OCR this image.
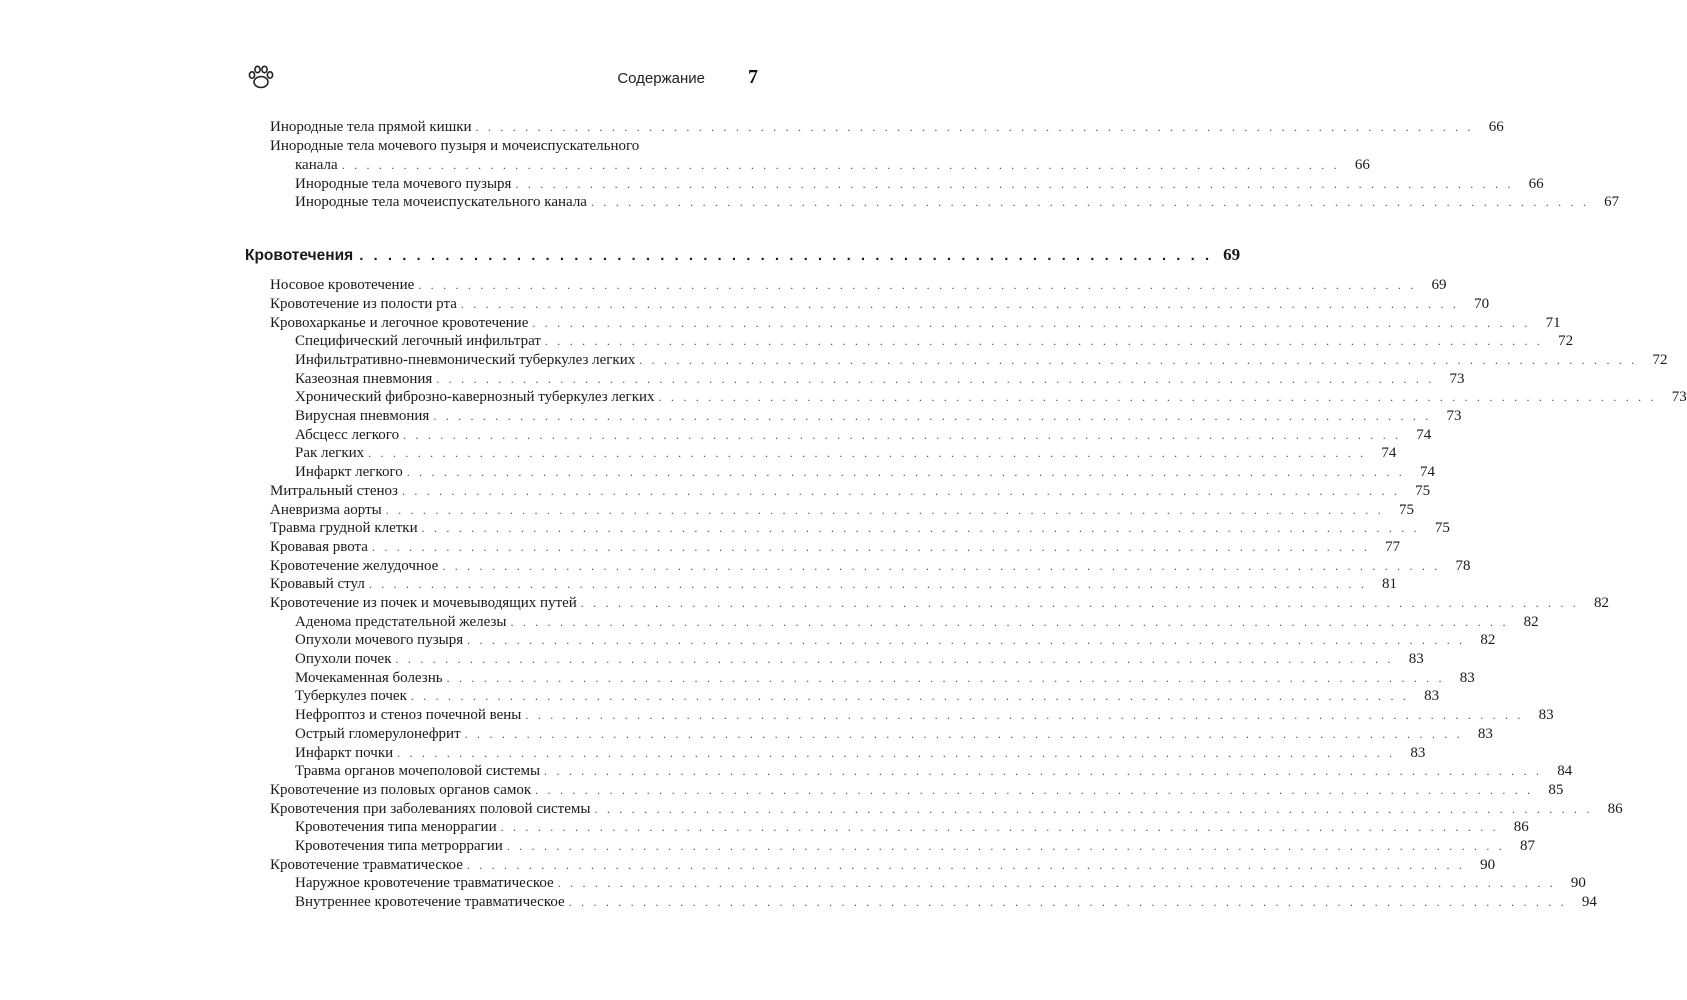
Содержание	7
Инородные тела прямой кишки . . . . . . . . . . . . . . . . . . . . . . . . . . . . . . . . . . . . . . . . . . . . . . . . . . . . . . . . . . . . . . . . . . . . . . . . . . . . . . . . .	66
Инородные тела мочевого пузыря и мочеиспускательного
канала . . . . . . . . . . . . . . . . . . . . . . . . . . . . . . . . . . . . . . . . . . . . . . . . . . . . . . . . . . . . . . . . . . . . . . . . . . . . . . . . .	66
Инородные тела мочевого пузыря . . . . . . . . . . . . . . . . . . . . . . . . . . . . . . . . . . . . . . . . . . . . . . . . . . . . . . . . . . . . . . . . . . . . . . . . . . . . . . . . .	66
Инородные тела мочеиспускательного канала . . . . . . . . . . . . . . . . . . . . . . . . . . . . . . . . . . . . . . . . . . . . . . . . . . . . . . . . . . . . . . . . . . . . . . . . . . . . . . . . .	67
Кровотечения . . . . . . . . . . . . . . . . . . . . . . . . . . . . . . . . . . . . . . . . . . . . . . . . . . . . . . . . . . . . 69
Носовое кровотечение . . . . . . . . . . . . . . . . . . . . . . . . . . . . . . . . . . . . . . . . . . . . . . . . . . . . . . . . . . . . . . . . . . . . . . . . . . . . . . . . .	69
Кровотечение из полости рта . . . . . . . . . . . . . . . . . . . . . . . . . . . . . . . . . . . . . . . . . . . . . . . . . . . . . . . . . . . . . . . . . . . . . . . . . . . . . . . . .	70
Кровохарканье и легочное кровотечение . . . . . . . . . . . . . . . . . . . . . . . . . . . . . . . . . . . . . . . . . . . . . . . . . . . . . . . . . . . . . . . . . . . . . . . . . . . . . . . . .	71
Специфический легочный инфильтрат . . . . . . . . . . . . . . . . . . . . . . . . . . . . . . . . . . . . . . . . . . . . . . . . . . . . . . . . . . . . . . . . . . . . . . . . . . . . . . . . .	72
Инфильтративно-пневмонический туберкулез легких . . . . . . . . . . . . . . . . . . . . . . . . . . . . . . . . . . . . . . . . . . . . . . . . . . . . . . . . . . . . . . . . . . . . . . . . . . . . . . . . .	72
Казеозная пневмония . . . . . . . . . . . . . . . . . . . . . . . . . . . . . . . . . . . . . . . . . . . . . . . . . . . . . . . . . . . . . . . . . . . . . . . . . . . . . . . . .	73
Хронический фиброзно-кавернозный туберкулез легких . . . . . . . . . . . . . . . . . . . . . . . . . . . . . . . . . . . . . . . . . . . . . . . . . . . . . . . . . . . . . . . . . . . . . . . . . . . . . . . . .	73
Вирусная пневмония . . . . . . . . . . . . . . . . . . . . . . . . . . . . . . . . . . . . . . . . . . . . . . . . . . . . . . . . . . . . . . . . . . . . . . . . . . . . . . . . .	73
Абсцесс легкого . . . . . . . . . . . . . . . . . . . . . . . . . . . . . . . . . . . . . . . . . . . . . . . . . . . . . . . . . . . . . . . . . . . . . . . . . . . . . . . . .	74
Рак легких . . . . . . . . . . . . . . . . . . . . . . . . . . . . . . . . . . . . . . . . . . . . . . . . . . . . . . . . . . . . . . . . . . . . . . . . . . . . . . . . .	74
Инфаркт легкого . . . . . . . . . . . . . . . . . . . . . . . . . . . . . . . . . . . . . . . . . . . . . . . . . . . . . . . . . . . . . . . . . . . . . . . . . . . . . . . . .	74
Митральный стеноз . . . . . . . . . . . . . . . . . . . . . . . . . . . . . . . . . . . . . . . . . . . . . . . . . . . . . . . . . . . . . . . . . . . . . . . . . . . . . . . . .	75
Аневризма аорты . . . . . . . . . . . . . . . . . . . . . . . . . . . . . . . . . . . . . . . . . . . . . . . . . . . . . . . . . . . . . . . . . . . . . . . . . . . . . . . . .	75
Травма грудной клетки . . . . . . . . . . . . . . . . . . . . . . . . . . . . . . . . . . . . . . . . . . . . . . . . . . . . . . . . . . . . . . . . . . . . . . . . . . . . . . . . .	75
Кровавая рвота . . . . . . . . . . . . . . . . . . . . . . . . . . . . . . . . . . . . . . . . . . . . . . . . . . . . . . . . . . . . . . . . . . . . . . . . . . . . . . . . .	77
Кровотечение желудочное . . . . . . . . . . . . . . . . . . . . . . . . . . . . . . . . . . . . . . . . . . . . . . . . . . . . . . . . . . . . . . . . . . . . . . . . . . . . . . . . .	78
Кровавый стул . . . . . . . . . . . . . . . . . . . . . . . . . . . . . . . . . . . . . . . . . . . . . . . . . . . . . . . . . . . . . . . . . . . . . . . . . . . . . . . . .	81
Кровотечение из почек и мочевыводящих путей . . . . . . . . . . . . . . . . . . . . . . . . . . . . . . . . . . . . . . . . . . . . . . . . . . . . . . . . . . . . . . . . . . . . . . . . . . . . . . . . .	82
Аденома предстательной железы . . . . . . . . . . . . . . . . . . . . . . . . . . . . . . . . . . . . . . . . . . . . . . . . . . . . . . . . . . . . . . . . . . . . . . . . . . . . . . . . .	82
Опухоли мочевого пузыря . . . . . . . . . . . . . . . . . . . . . . . . . . . . . . . . . . . . . . . . . . . . . . . . . . . . . . . . . . . . . . . . . . . . . . . . . . . . . . . . .	82
Опухоли почек . . . . . . . . . . . . . . . . . . . . . . . . . . . . . . . . . . . . . . . . . . . . . . . . . . . . . . . . . . . . . . . . . . . . . . . . . . . . . . . . .	83
Мочекаменная болезнь . . . . . . . . . . . . . . . . . . . . . . . . . . . . . . . . . . . . . . . . . . . . . . . . . . . . . . . . . . . . . . . . . . . . . . . . . . . . . . . . .	83
Туберкулез почек . . . . . . . . . . . . . . . . . . . . . . . . . . . . . . . . . . . . . . . . . . . . . . . . . . . . . . . . . . . . . . . . . . . . . . . . . . . . . . . . .	83
Нефроптоз и стеноз почечной вены . . . . . . . . . . . . . . . . . . . . . . . . . . . . . . . . . . . . . . . . . . . . . . . . . . . . . . . . . . . . . . . . . . . . . . . . . . . . . . . . .	83
Острый гломерулонефрит . . . . . . . . . . . . . . . . . . . . . . . . . . . . . . . . . . . . . . . . . . . . . . . . . . . . . . . . . . . . . . . . . . . . . . . . . . . . . . . . .	83
Инфаркт почки . . . . . . . . . . . . . . . . . . . . . . . . . . . . . . . . . . . . . . . . . . . . . . . . . . . . . . . . . . . . . . . . . . . . . . . . . . . . . . . . .	83
Травма органов мочеполовой системы . . . . . . . . . . . . . . . . . . . . . . . . . . . . . . . . . . . . . . . . . . . . . . . . . . . . . . . . . . . . . . . . . . . . . . . . . . . . . . . . .	84
Кровотечение из половых органов самок . . . . . . . . . . . . . . . . . . . . . . . . . . . . . . . . . . . . . . . . . . . . . . . . . . . . . . . . . . . . . . . . . . . . . . . . . . . . . . . . .	85
Кровотечения при заболеваниях половой системы . . . . . . . . . . . . . . . . . . . . . . . . . . . . . . . . . . . . . . . . . . . . . . . . . . . . . . . . . . . . . . . . . . . . . . . . . . . . . . . . .	86
Кровотечения типа меноррагии . . . . . . . . . . . . . . . . . . . . . . . . . . . . . . . . . . . . . . . . . . . . . . . . . . . . . . . . . . . . . . . . . . . . . . . . . . . . . . . . .	86
Кровотечения типа метроррагии . . . . . . . . . . . . . . . . . . . . . . . . . . . . . . . . . . . . . . . . . . . . . . . . . . . . . . . . . . . . . . . . . . . . . . . . . . . . . . . . .	87
Кровотечение травматическое . . . . . . . . . . . . . . . . . . . . . . . . . . . . . . . . . . . . . . . . . . . . . . . . . . . . . . . . . . . . . . . . . . . . . . . . . . . . . . . . .	90
Наружное кровотечение травматическое . . . . . . . . . . . . . . . . . . . . . . . . . . . . . . . . . . . . . . . . . . . . . . . . . . . . . . . . . . . . . . . . . . . . . . . . . . . . . . . . .	90
Внутреннее кровотечение травматическое . . . . . . . . . . . . . . . . . . . . . . . . . . . . . . . . . . . . . . . . . . . . . . . . . . . . . . . . . . . . . . . . . . . . . . . . . . . . . . . . .	94
